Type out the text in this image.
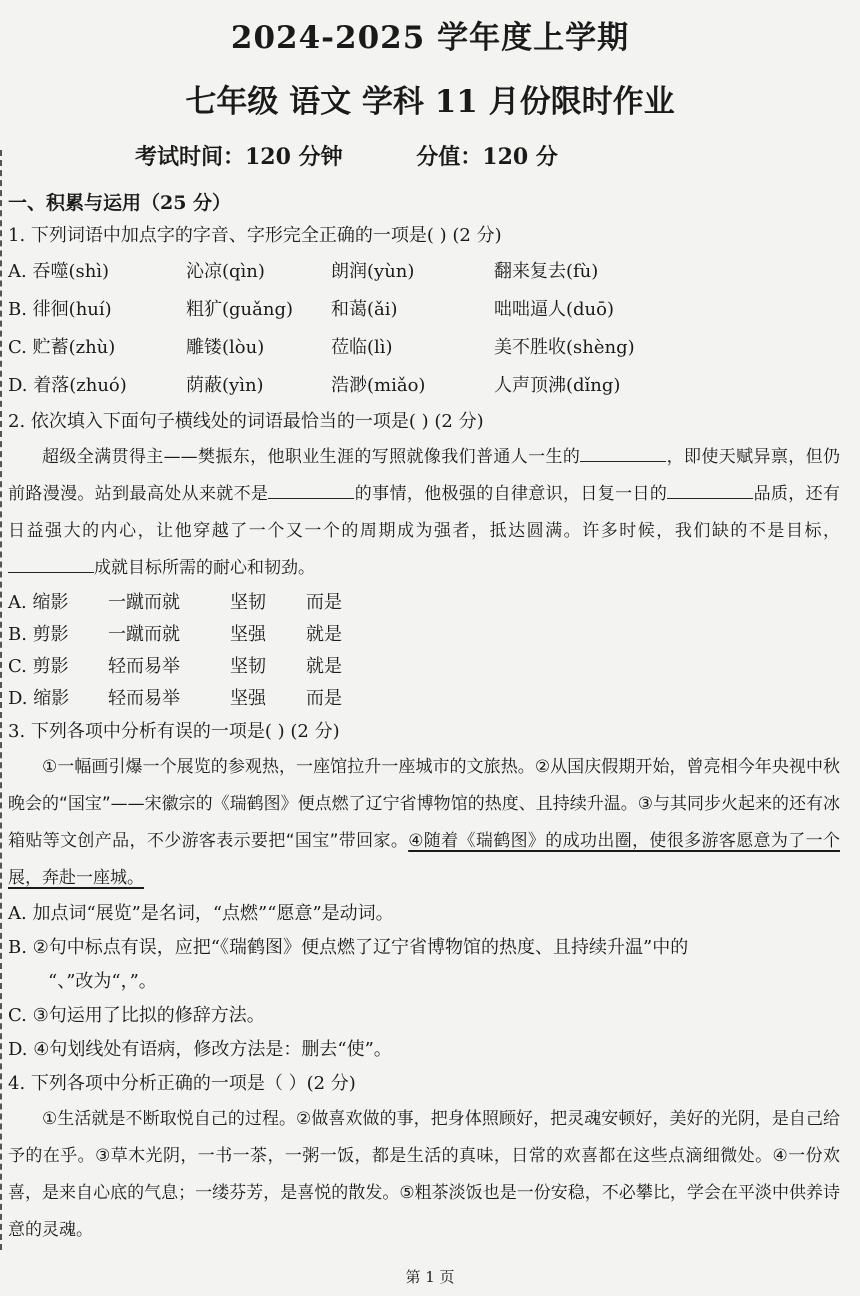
2024-2025 学年度上学期
七年级 语文 学科 11 月份限时作业
考试时间：120 分钟	分值：120 分
一、积累与运用（25 分）
1. 下列词语中加点字的字音、字形完全正确的一项是( ) (2 分)
A. 吞噬(shì)	沁凉(qìn)	朗润(yùn)	翻来复去(fù)
B. 徘徊(huí)	粗犷(guǎng)	和蔼(ǎi)	咄咄逼人(duō)
C. 贮蓄(zhù)	雕镂(lòu)	莅临(lì)	美不胜收(shèng)
D. 着落(zhuó)	荫蔽(yìn)	浩渺(miǎo)	人声顶沸(dǐng)
2. 依次填入下面句子横线处的词语最恰当的一项是( ) (2 分)
超级全满贯得主——樊振东，他职业生涯的写照就像我们普通人一生的	，即使天赋异禀，但仍前路漫漫。站到最高处从来就不是	的事情，他极强的自律意识，日复一日的	品质，还有日益强大的内心，让他穿越了一个又一个的周期成为强者，抵达圆满。许多时候，我们缺的不是目标，成就目标所需的耐心和韧劲。
A. 缩影	一蹴而就	坚韧	而是
B. 剪影	一蹴而就	坚强	就是
C. 剪影	轻而易举	坚韧	就是
D. 缩影	轻而易举	坚强	而是
3. 下列各项中分析有误的一项是( ) (2 分)
①一幅画引爆一个展览的参观热，一座馆拉升一座城市的文旅热。②从国庆假期开始，曾亮相今年央视中秋晚会的“国宝”——宋徽宗的《瑞鹤图》便点燃了辽宁省博物馆的热度、且持续升温。③与其同步火起来的还有冰箱贴等文创产品，不少游客表示要把“国宝”带回家。④随着《瑞鹤图》的成功出圈，使很多游客愿意为了一个展，奔赴一座城。
A. 加点词“展览”是名词，“点燃”“愿意”是动词。
B. ②句中标点有误，应把“《瑞鹤图》便点燃了辽宁省博物馆的热度、且持续升温”中的
“、”改为“，”。
C. ③句运用了比拟的修辞方法。
D. ④句划线处有语病，修改方法是：删去“使”。
4. 下列各项中分析正确的一项是（ ）(2 分)
①生活就是不断取悦自己的过程。②做喜欢做的事，把身体照顾好，把灵魂安顿好，美好的光阴，是自己给予的在乎。③草木光阴，一书一茶，一粥一饭，都是生活的真味，日常的欢喜都在这些点滴细微处。④一份欢喜，是来自心底的气息；一缕芬芳，是喜悦的散发。⑤粗茶淡饭也是一份安稳，不必攀比，学会在平淡中供养诗意的灵魂。
第 1 页
